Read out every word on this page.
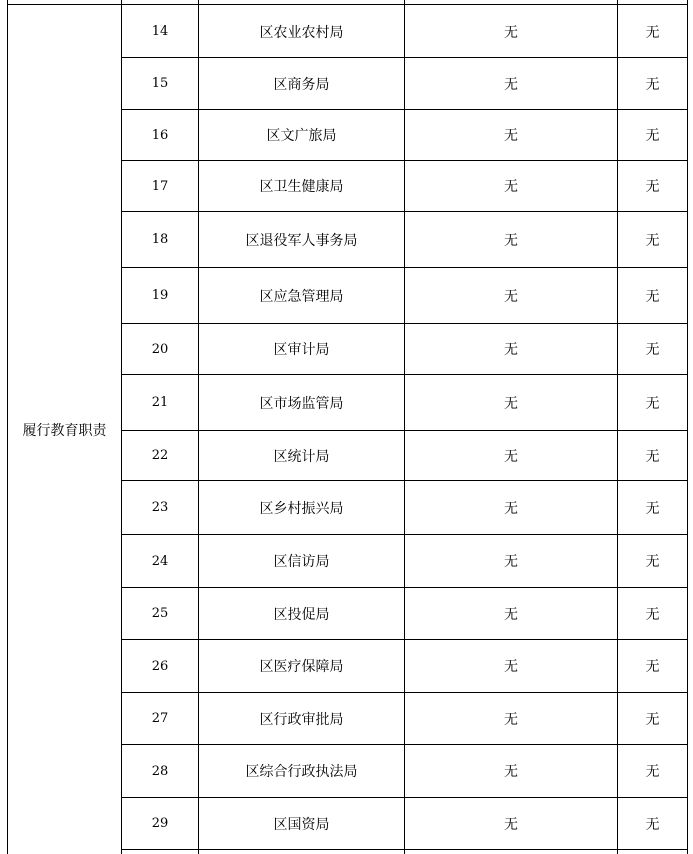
履行教育职责
14	区农业农村局	无	无
15	区商务局	无	无
16	区文广旅局	无	无
17	区卫生健康局	无	无
18	区退役军人事务局	无	无
19	区应急管理局	无	无
20	区审计局	无	无
21	区市场监管局	无	无
22	区统计局	无	无
23	区乡村振兴局	无	无
24	区信访局	无	无
25	区投促局	无	无
26	区医疗保障局	无	无
27	区行政审批局	无	无
28	区综合行政执法局	无	无
29	区国资局	无	无
